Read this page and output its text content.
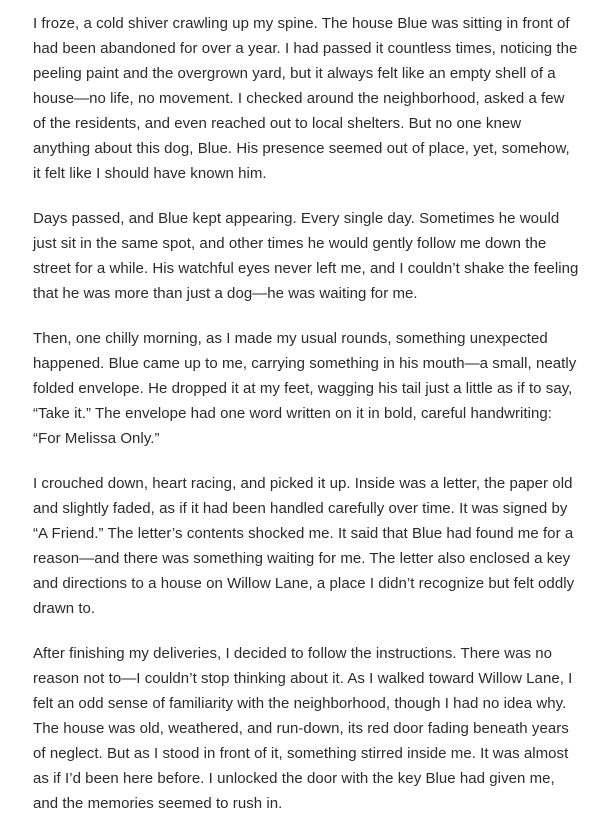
I froze, a cold shiver crawling up my spine. The house Blue was sitting in front of had been abandoned for over a year. I had passed it countless times, noticing the peeling paint and the overgrown yard, but it always felt like an empty shell of a house—no life, no movement. I checked around the neighborhood, asked a few of the residents, and even reached out to local shelters. But no one knew anything about this dog, Blue. His presence seemed out of place, yet, somehow, it felt like I should have known him.

Days passed, and Blue kept appearing. Every single day. Sometimes he would just sit in the same spot, and other times he would gently follow me down the street for a while. His watchful eyes never left me, and I couldn’t shake the feeling that he was more than just a dog—he was waiting for me.

Then, one chilly morning, as I made my usual rounds, something unexpected happened. Blue came up to me, carrying something in his mouth—a small, neatly folded envelope. He dropped it at my feet, wagging his tail just a little as if to say, “Take it.” The envelope had one word written on it in bold, careful handwriting: “For Melissa Only.”

I crouched down, heart racing, and picked it up. Inside was a letter, the paper old and slightly faded, as if it had been handled carefully over time. It was signed by “A Friend.” The letter’s contents shocked me. It said that Blue had found me for a reason—and there was something waiting for me. The letter also enclosed a key and directions to a house on Willow Lane, a place I didn’t recognize but felt oddly drawn to.

After finishing my deliveries, I decided to follow the instructions. There was no reason not to—I couldn’t stop thinking about it. As I walked toward Willow Lane, I felt an odd sense of familiarity with the neighborhood, though I had no idea why. The house was old, weathered, and run-down, its red door fading beneath years of neglect. But as I stood in front of it, something stirred inside me. It was almost as if I’d been here before. I unlocked the door with the key Blue had given me, and the memories seemed to rush in.
